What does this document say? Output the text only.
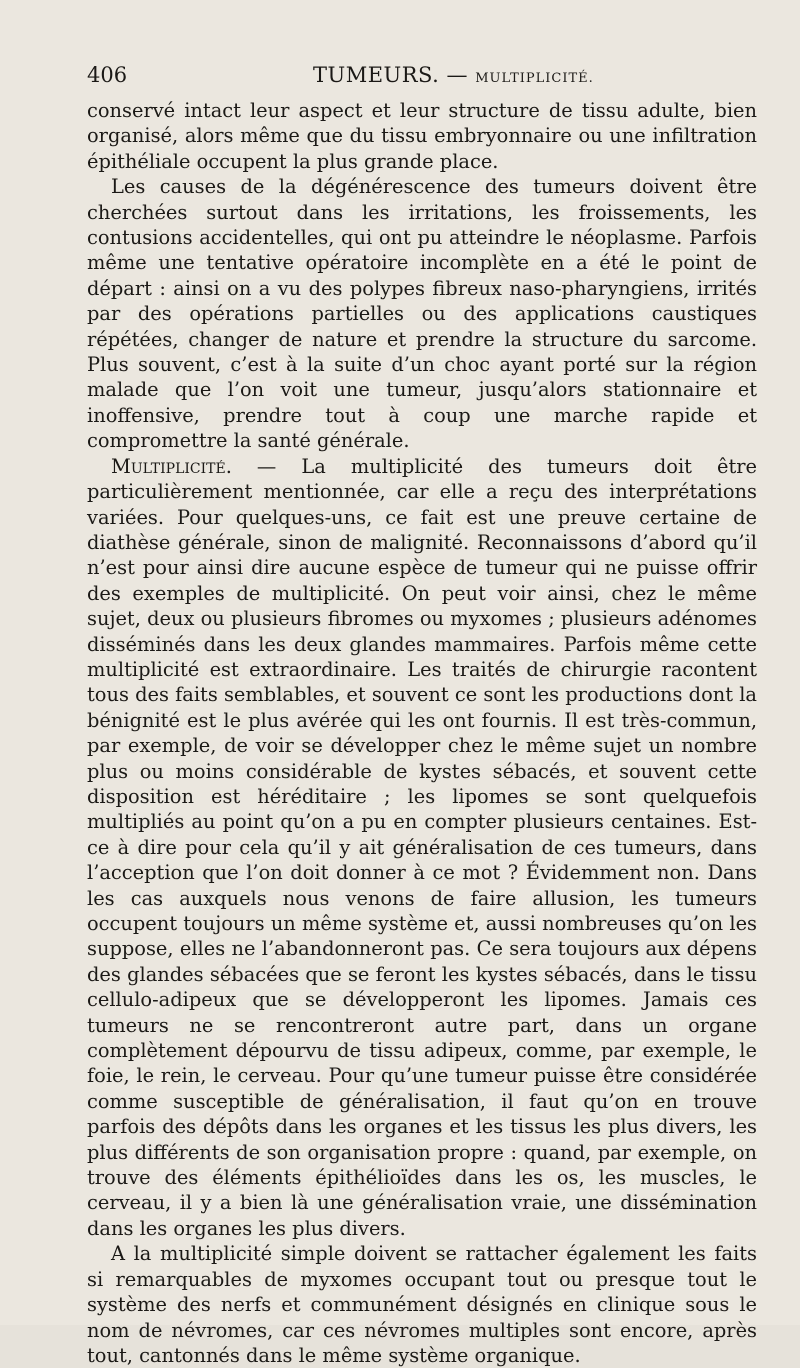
406	TUMEURS. — MULTIPLICITÉ.

conservé intact leur aspect et leur structure de tissu adulte, bien organisé, alors même que du tissu embryonnaire ou une infiltration épithéliale occupent la plus grande place.

Les causes de la dégénérescence des tumeurs doivent être cherchées surtout dans les irritations, les froissements, les contusions accidentelles, qui ont pu atteindre le néoplasme. Parfois même une tentative opératoire incomplète en a été le point de départ : ainsi on a vu des polypes fibreux naso-pharyngiens, irrités par des opérations partielles ou des applications caustiques répétées, changer de nature et prendre la structure du sarcome. Plus souvent, c’est à la suite d’un choc ayant porté sur la région malade que l’on voit une tumeur, jusqu’alors stationnaire et inoffensive, prendre tout à coup une marche rapide et compromettre la santé générale.

Multiplicité. — La multiplicité des tumeurs doit être particulièrement mentionnée, car elle a reçu des interprétations variées. Pour quelques-uns, ce fait est une preuve certaine de diathèse générale, sinon de malignité. Reconnaissons d’abord qu’il n’est pour ainsi dire aucune espèce de tumeur qui ne puisse offrir des exemples de multiplicité. On peut voir ainsi, chez le même sujet, deux ou plusieurs fibromes ou myxomes ; plusieurs adénomes disséminés dans les deux glandes mammaires. Parfois même cette multiplicité est extraordinaire. Les traités de chirurgie racontent tous des faits semblables, et souvent ce sont les productions dont la bénignité est le plus avérée qui les ont fournis. Il est très-commun, par exemple, de voir se développer chez le même sujet un nombre plus ou moins considérable de kystes sébacés, et souvent cette disposition est héréditaire ; les lipomes se sont quelquefois multipliés au point qu’on a pu en compter plusieurs centaines. Est-ce à dire pour cela qu’il y ait généralisation de ces tumeurs, dans l’acception que l’on doit donner à ce mot ? Évidemment non. Dans les cas auxquels nous venons de faire allusion, les tumeurs occupent toujours un même système et, aussi nombreuses qu’on les suppose, elles ne l’abandonneront pas. Ce sera toujours aux dépens des glandes sébacées que se feront les kystes sébacés, dans le tissu cellulo-adipeux que se développeront les lipomes. Jamais ces tumeurs ne se rencontreront autre part, dans un organe complètement dépourvu de tissu adipeux, comme, par exemple, le foie, le rein, le cerveau. Pour qu’une tumeur puisse être considérée comme susceptible de généralisation, il faut qu’on en trouve parfois des dépôts dans les organes et les tissus les plus divers, les plus différents de son organisation propre : quand, par exemple, on trouve des éléments épithélioïdes dans les os, les muscles, le cerveau, il y a bien là une généralisation vraie, une dissémination dans les organes les plus divers.

A la multiplicité simple doivent se rattacher également les faits si remarquables de myxomes occupant tout ou presque tout le système des nerfs et communément désignés en clinique sous le nom de névromes, car ces névromes multiples sont encore, après tout, cantonnés dans le même système organique.
